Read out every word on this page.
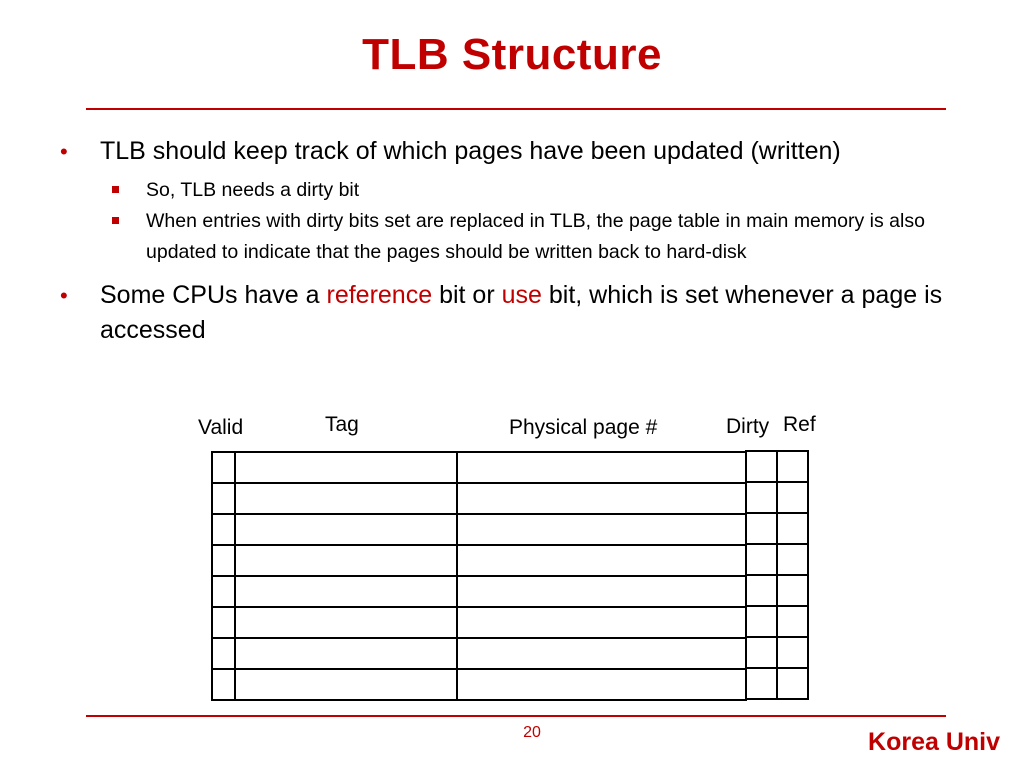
TLB Structure
• TLB should keep track of which pages have been updated (written)
So, TLB needs a dirty bit
When entries with dirty bits set are replaced in TLB, the page table in main memory is also updated to indicate that the pages should be written back to hard-disk
• Some CPUs have a reference bit or use bit, which is set whenever a page is accessed
Valid	Tag	Physical page #	Dirty Ref
20	Korea Univ
